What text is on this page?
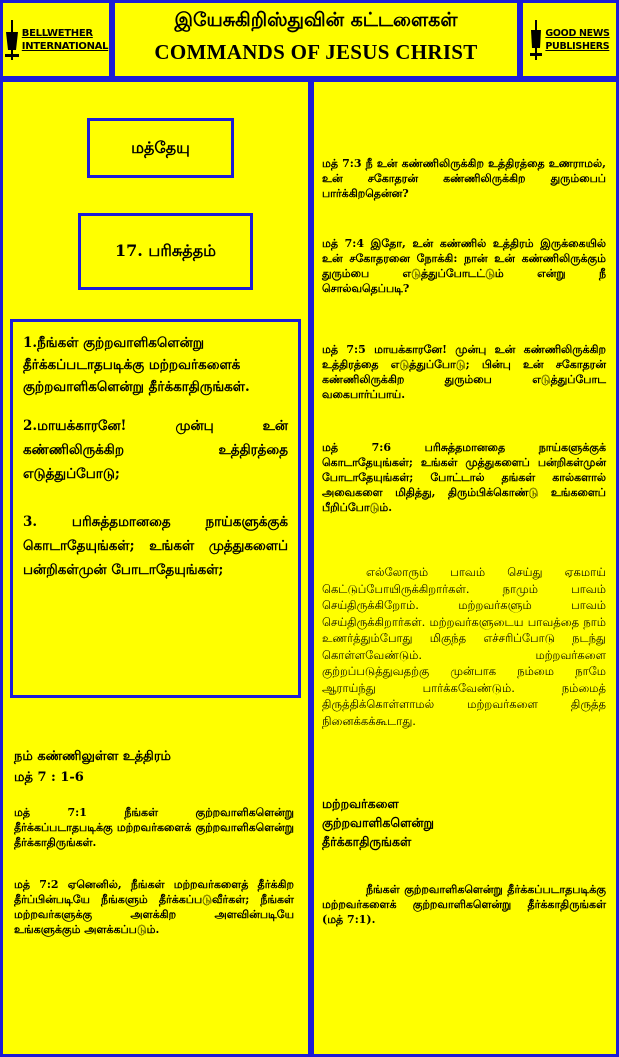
BELLWETHER
INTERNATIONAL
இயேசுகிறிஸ்துவின் கட்டளைகள்
COMMANDS OF JESUS CHRIST
GOOD NEWS
PUBLISHERS
மத்தேயு
17. பரிசுத்தம்

1.நீங்கள் குற்றவாளிகளென்று தீர்க்கப்படாதபடிக்கு மற்றவர்களைக் குற்றவாளிகளென்று தீர்க்காதிருங்கள்.

2.மாயக்காரனே! முன்பு உன் கண்ணிலிருக்கிற உத்திரத்தை எடுத்துப்போடு;

3. பரிசுத்தமானதை நாய்களுக்குக் கொடாதேயுங்கள்; உங்கள் முத்துகளைப் பன்றிகள்முன் போடாதேயுங்கள்;

நம் கண்ணிலுள்ள உத்திரம்
மத் 7 : 1-6
மத் 7:1 நீங்கள் குற்றவாளிகளென்று தீர்க்கப்படாதபடிக்கு மற்றவர்களைக் குற்றவாளிகளென்று தீர்க்காதிருங்கள்.
மத் 7:2 ஏனெனில், நீங்கள் மற்றவர்களைத் தீர்க்கிற தீர்ப்பின்படியே நீங்களும் தீர்க்கப்படுவீர்கள்; நீங்கள் மற்றவர்களுக்கு அளக்கிற அளவின்படியே உங்களுக்கும் அளக்கப்படும்.
மத் 7:3 நீ உன் கண்ணிலிருக்கிற உத்திரத்தை உணராமல், உன் சகோதரன் கண்ணிலிருக்கிற துரும்பைப் பார்க்கிறதென்ன?
மத் 7:4 இதோ, உன் கண்ணில் உத்திரம் இருக்கையில் உன் சகோதரனை நோக்கி: நான் உன் கண்ணிலிருக்கும் துரும்பை எடுத்துப்போடட்டும் என்று நீ சொல்வதெப்படி?
மத் 7:5 மாயக்காரனே! முன்பு உன் கண்ணிலிருக்கிற உத்திரத்தை எடுத்துப்போடு; பின்பு உன் சகோதரன் கண்ணிலிருக்கிற துரும்பை எடுத்துப்போட வகைபார்ப்பாய்.
மத் 7:6 பரிசுத்தமானதை நாய்களுக்குக் கொடாதேயுங்கள்; உங்கள் முத்துகளைப் பன்றிகள்முன் போடாதேயுங்கள்; போட்டால் தங்கள் கால்களால் அவைகளை மிதித்து, திரும்பிக்கொண்டு உங்களைப் பீறிப்போடும்.
எல்லோரும் பாவம் செய்து ஏகமாய் கெட்டுப்போயிருக்கிறார்கள். நாமும் பாவம் செய்திருக்கிறோம். மற்றவர்களும் பாவம் செய்திருக்கிறார்கள். மற்றவர்களுடைய பாவத்தை நாம் உணர்த்தும்போது மிகுந்த எச்சரிப்போடு நடந்து கொள்ளவேண்டும். மற்றவர்களை குற்றப்படுத்துவதற்கு முன்பாக நம்மை நாமே ஆராய்ந்து பார்க்கவேண்டும். நம்மைத் திருத்திக்கொள்ளாமல் மற்றவர்களை திருத்த நினைக்கக்கூடாது.
மற்றவர்களை குற்றவாளிகளென்று தீர்க்காதிருங்கள்
நீங்கள் குற்றவாளிகளென்று தீர்க்கப்படாதபடிக்கு மற்றவர்களைக் குற்றவாளிகளென்று தீர்க்காதிருங்கள் (மத் 7:1).
